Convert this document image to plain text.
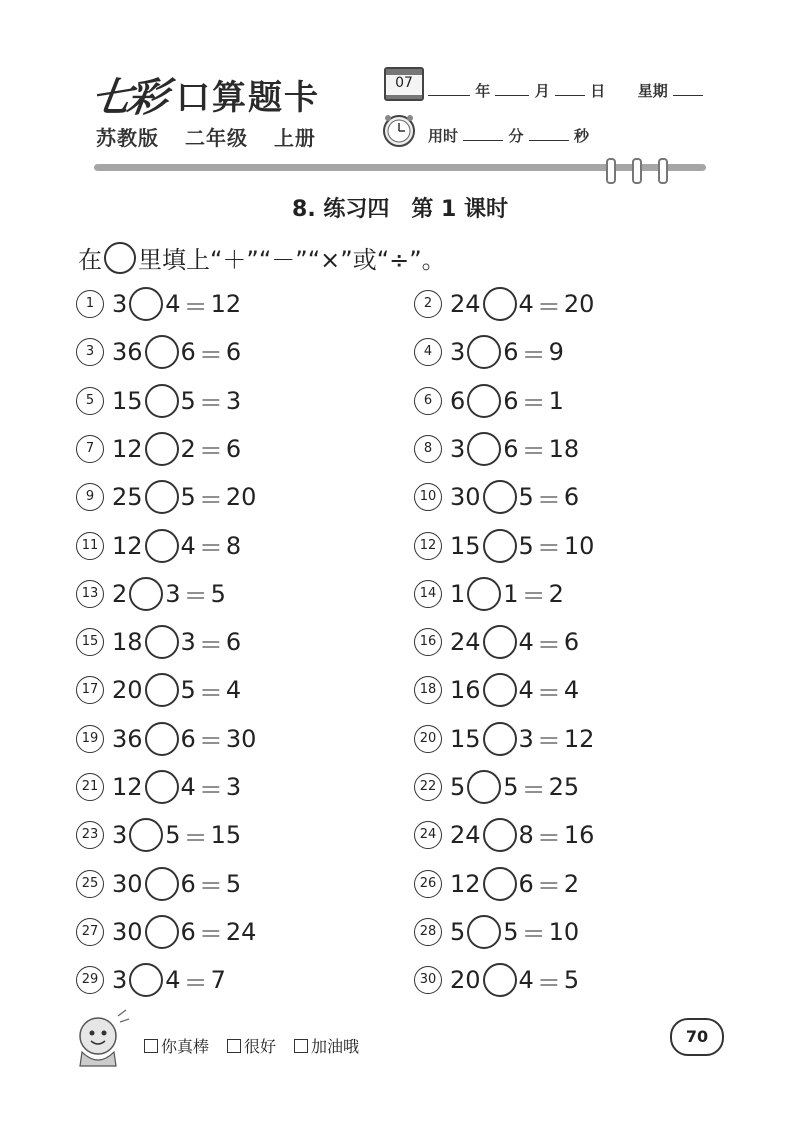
七彩 口算题卡
苏教版 二年级 上册
07	年	月	日 星期
用时	分	秒
8. 练习四　第 1 课时
在 里填上“＋”“－”“×”或“÷”。
1 3 4 ＝ 12	2 24 4 ＝ 20
3 36 6 ＝ 6	4 3 6 ＝ 9
5 15 5 ＝ 3	6 6 6 ＝ 1
7 12 2 ＝ 6	8 3 6 ＝ 18
9 25 5 ＝ 20	10 30 5 ＝ 6
11 12 4 ＝ 8	12 15 5 ＝ 10
13 2 3 ＝ 5	14 1 1 ＝ 2
15 18 3 ＝ 6	16 24 4 ＝ 6
17 20 5 ＝ 4	18 16 4 ＝ 4
19 36 6 ＝ 30	20 15 3 ＝ 12
21 12 4 ＝ 3	22 5 5 ＝ 25
23 3 5 ＝ 15	24 24 8 ＝ 16
25 30 6 ＝ 5	26 12 6 ＝ 2
27 30 6 ＝ 24	28 5 5 ＝ 10
29 3 4 ＝ 7	30 20 4 ＝ 5
你真棒 很好 加油哦
70
